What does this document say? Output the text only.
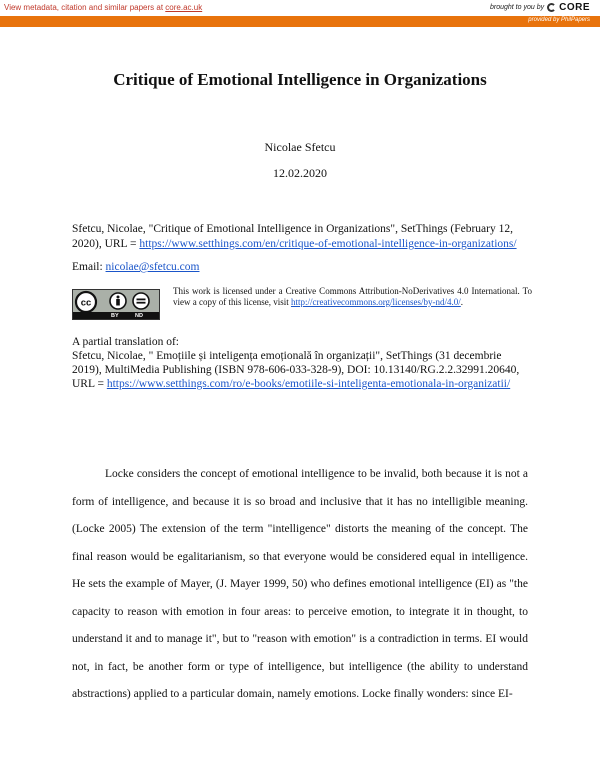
View metadata, citation and similar papers at core.ac.uk	brought to you by CORE
provided by PhilPapers
Critique of Emotional Intelligence in Organizations
Nicolae Sfetcu
12.02.2020
Sfetcu, Nicolae, "Critique of Emotional Intelligence in Organizations", SetThings (February 12, 2020), URL = https://www.setthings.com/en/critique-of-emotional-intelligence-in-organizations/
Email: nicolae@sfetcu.com
cc
BY	ND
This work is licensed under a Creative Commons Attribution-NoDerivatives 4.0 International. To view a copy of this license, visit http://creativecommons.org/licenses/by-nd/4.0/.
A partial translation of:
Sfetcu, Nicolae, " Emoțiile și inteligența emoțională în organizații", SetThings (31 decembrie 2019), MultiMedia Publishing (ISBN 978-606-033-328-9), DOI: 10.13140/RG.2.2.32991.20640, URL = https://www.setthings.com/ro/e-books/emotiile-si-inteligenta-emotionala-in-organizatii/

Locke considers the concept of emotional intelligence to be invalid, both because it is not a form of intelligence, and because it is so broad and inclusive that it has no intelligible meaning. (Locke 2005) The extension of the term "intelligence" distorts the meaning of the concept. The final reason would be egalitarianism, so that everyone would be considered equal in intelligence. He sets the example of Mayer, (J. Mayer 1999, 50) who defines emotional intelligence (EI) as "the capacity to reason with emotion in four areas: to perceive emotion, to integrate it in thought, to understand it and to manage it", but to "reason with emotion" is a contradiction in terms. EI would not, in fact, be another form or type of intelligence, but intelligence (the ability to understand abstractions) applied to a particular domain, namely emotions. Locke finally wonders: since EI-
